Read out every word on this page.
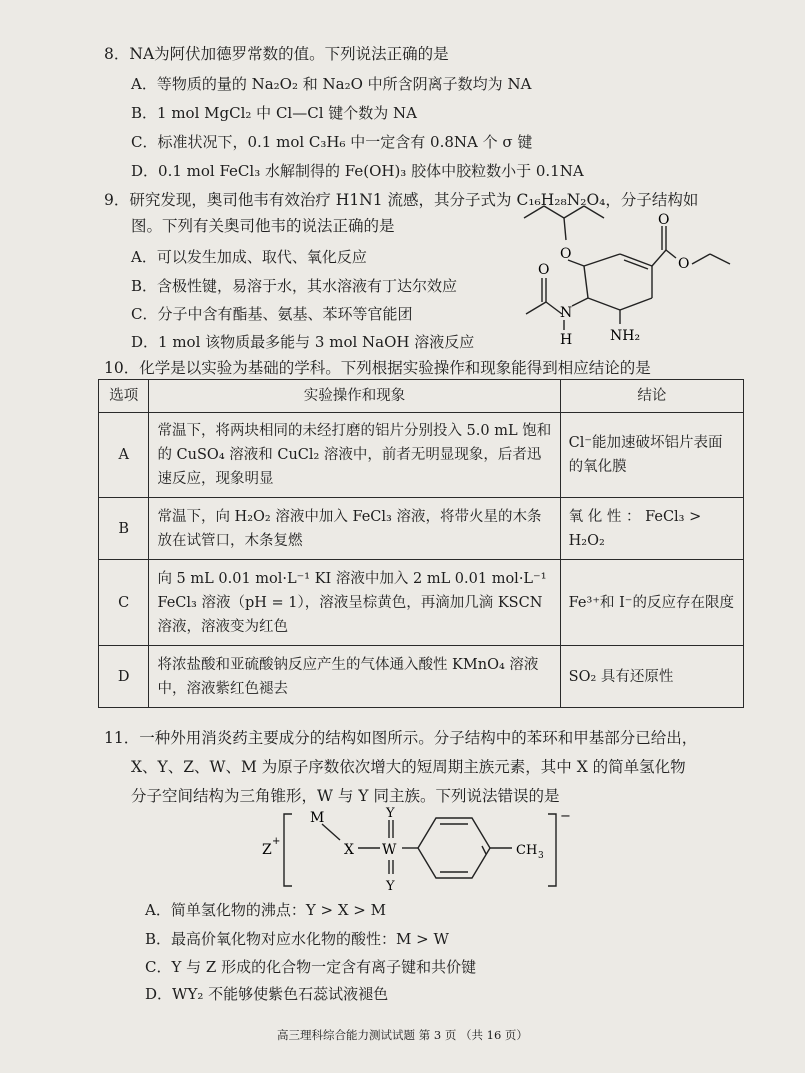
8．NA为阿伏加德罗常数的值。下列说法正确的是
A．等物质的量的 Na₂O₂ 和 Na₂O 中所含阴离子数均为 NA
B．1 mol MgCl₂ 中 Cl—Cl 键个数为 NA
C．标准状况下，0.1 mol C₃H₆ 中一定含有 0.8NA 个 σ 键
D．0.1 mol FeCl₃ 水解制得的 Fe(OH)₃ 胶体中胶粒数小于 0.1NA
9．研究发现，奥司他韦有效治疗 H1N1 流感，其分子式为 C₁₆H₂₈N₂O₄，分子结构如
图。下列有关奥司他韦的说法正确的是
A．可以发生加成、取代、氧化反应
B．含极性键，易溶于水，其水溶液有丁达尔效应
C．分子中含有酯基、氨基、苯环等官能团
D．1 mol 该物质最多能与 3 mol NaOH 溶液反应
O
O
O
O
N
H	NH₂
10．化学是以实验为基础的学科。下列根据实验操作和现象能得到相应结论的是
选项	实验操作和现象	结论
A	常温下，将两块相同的未经打磨的铝片分别投入 5.0 mL 饱和的 CuSO₄ 溶液和 CuCl₂ 溶液中，前者无明显现象，后者迅速反应，现象明显	Cl⁻能加速破坏铝片表面的氧化膜
B	常温下，向 H₂O₂ 溶液中加入 FeCl₃ 溶液，将带火星的木条放在试管口，木条复燃	氧 化 性 ： FeCl₃ > H₂O₂
C	向 5 mL 0.01 mol·L⁻¹ KI 溶液中加入 2 mL 0.01 mol·L⁻¹ FeCl₃ 溶液（pH = 1），溶液呈棕黄色，再滴加几滴 KSCN 溶液，溶液变为红色	Fe³⁺和 I⁻的反应存在限度
D	将浓盐酸和亚硫酸钠反应产生的气体通入酸性 KMnO₄ 溶液中，溶液紫红色褪去	SO₂ 具有还原性
11．一种外用消炎药主要成分的结构如图所示。分子结构中的苯环和甲基部分已给出，
X、Y、Z、W、M 为原子序数依次增大的短周期主族元素，其中 X 的简单氢化物
分子空间结构为三角锥形，W 与 Y 同主族。下列说法错误的是
Z
+
M
X W
Y
Y
CH 3
−
A．简单氢化物的沸点：Y > X > M
B．最高价氧化物对应水化物的酸性：M > W
C．Y 与 Z 形成的化合物一定含有离子键和共价键
D．WY₂ 不能够使紫色石蕊试液褪色
高三理科综合能力测试试题 第 3 页 （共 16 页）
